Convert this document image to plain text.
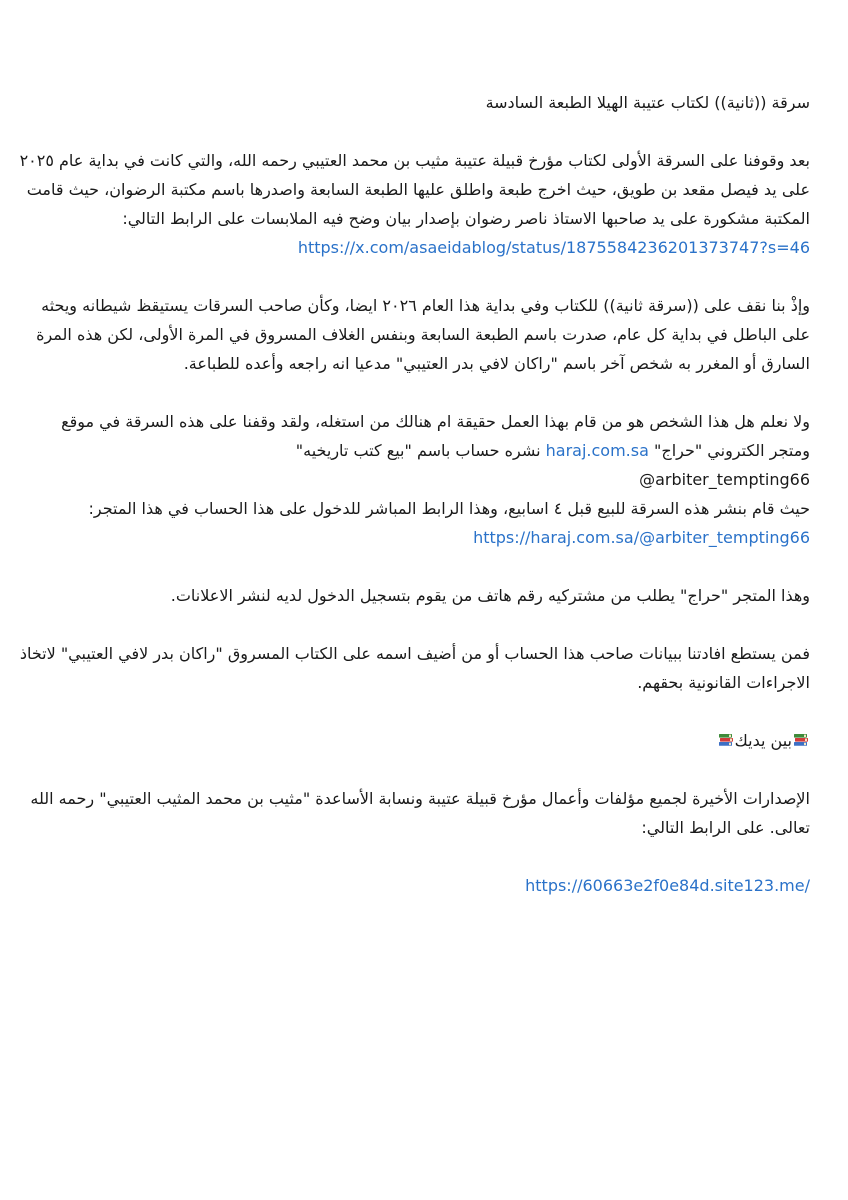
سرقة ((ثانية)) لكتاب عتيبة الهيلا الطبعة السادسة

بعد وقوفنا على السرقة الأولى لكتاب مؤرخ قبيلة عتيبة مثيب بن محمد العتيبي رحمه الله، والتي كانت في بداية عام ٢٠٢٥
على يد فيصل مقعد بن طويق، حيث اخرج طبعة واطلق عليها الطبعة السابعة واصدرها باسم مكتبة الرضوان، حيث قامت
المكتبة مشكورة على يد صاحبها الاستاذ ناصر رضوان بإصدار بيان وضح فيه الملابسات على الرابط التالي:
https://x.com/asaeidablog/status/1875584236201373747?s=46

وإذْ بنا نقف على ((سرقة ثانية)) للكتاب وفي بداية هذا العام ٢٠٢٦ ايضا، وكأن صاحب السرقات يستيقظ شيطانه ويحثه
على الباطل في بداية كل عام، صدرت باسم الطبعة السابعة وبنفس الغلاف المسروق في المرة الأولى، لكن هذه المرة
السارق أو المغرر به شخص آخر باسم "راكان لافي بدر العتيبي" مدعيا انه راجعه وأعده للطباعة.

ولا نعلم هل هذا الشخص هو من قام بهذا العمل حقيقة ام هنالك من استغله، ولقد وقفنا على هذه السرقة في موقع
ومتجر الكتروني "حراج" haraj.com.sa نشره حساب باسم "بيع كتب تاريخيه"
@arbiter_tempting66
حيث قام بنشر هذه السرقة للبيع قبل ٤ اسابيع، وهذا الرابط المباشر للدخول على هذا الحساب في هذا المتجر:
https://haraj.com.sa/@arbiter_tempting66

وهذا المتجر "حراج" يطلب من مشتركيه رقم هاتف من يقوم بتسجيل الدخول لديه لنشر الاعلانات.

فمن يستطع افادتنا ببيانات صاحب هذا الحساب أو من أضيف اسمه على الكتاب المسروق "راكان بدر لافي العتيبي" لاتخاذ
الاجراءات القانونية بحقهم.

بين يديك

الإصدارات الأخيرة لجميع مؤلفات وأعمال مؤرخ قبيلة عتيبة ونسابة الأساعدة "مثيب بن محمد المثيب العتيبي" رحمه الله
تعالى. على الرابط التالي:

https://60663e2f0e84d.site123.me/
